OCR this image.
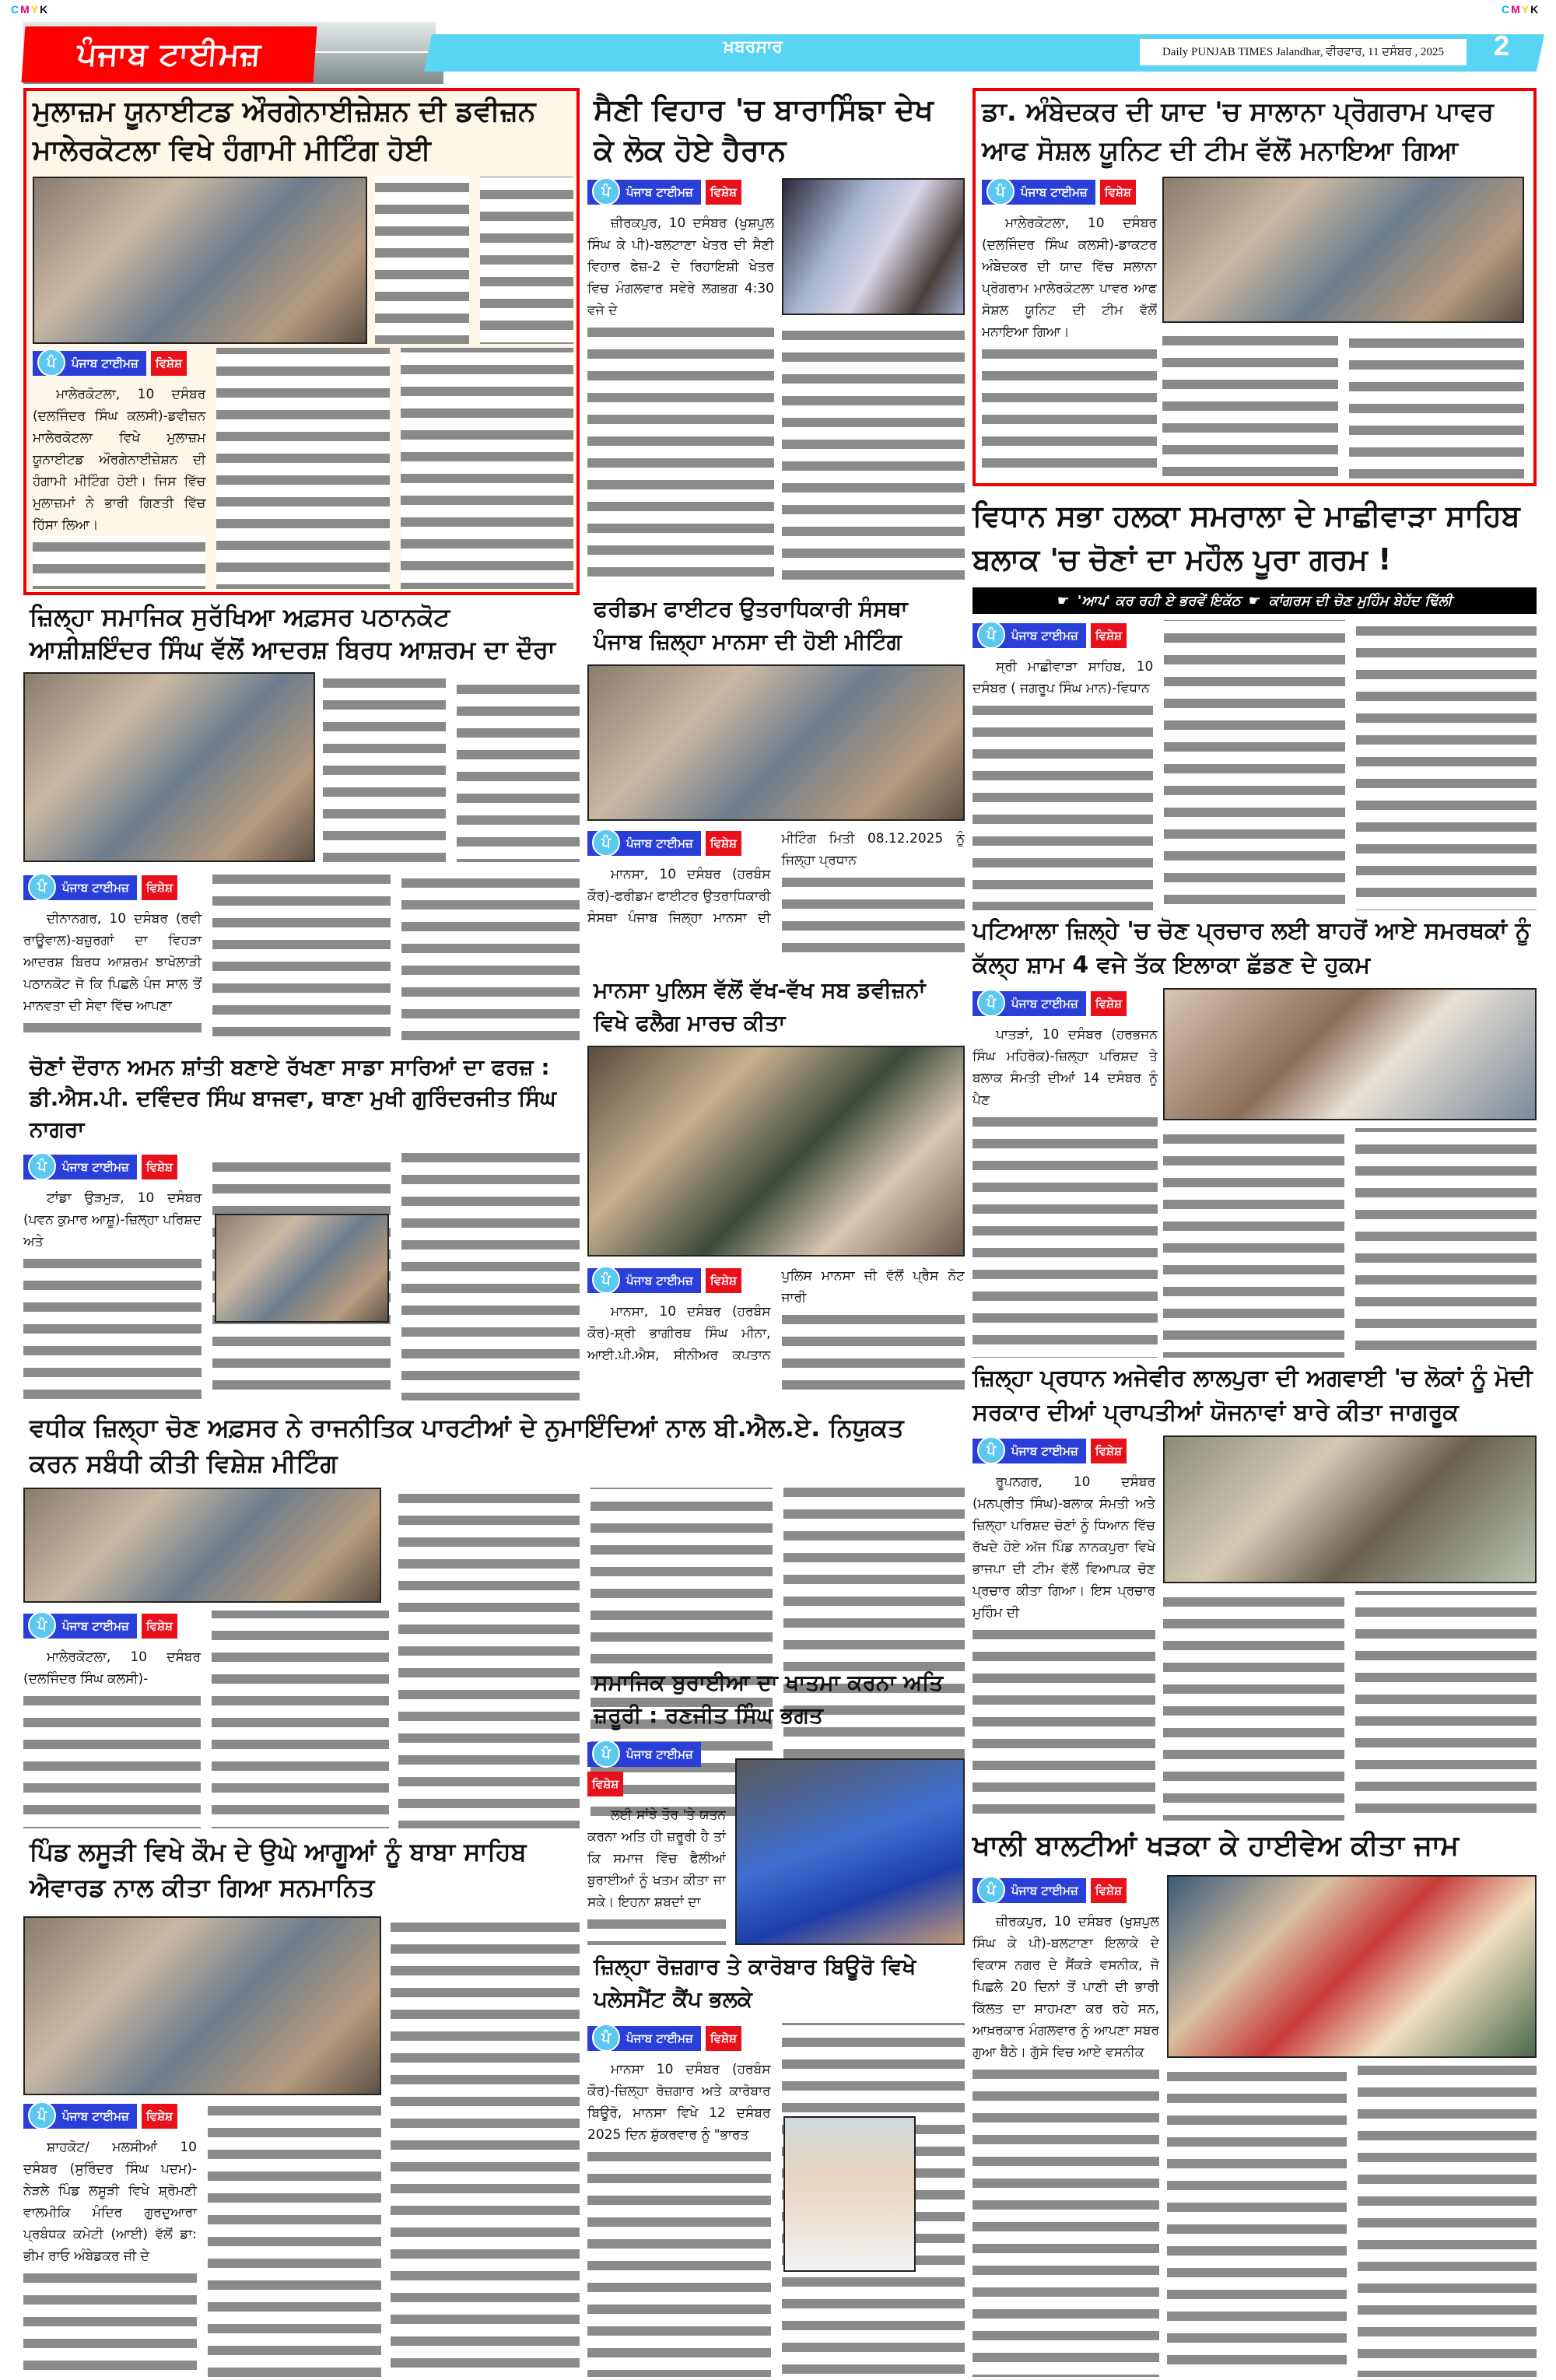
CMYK	CMYK
ਪੰਜਾਬ ਟਾਈਮਜ਼	ਖ਼ਬਰਸਾਰ	Daily PUNJAB TIMES Jalandhar, ਵੀਰਵਾਰ, 11 ਦਸੰਬਰ , 2025	2
ਮੁਲਾਜ਼ਮ ਯੂਨਾਈਟਡ ਔਰਗੇਨਾਈਜ਼ੇਸ਼ਨ ਦੀ ਡਵੀਜ਼ਨ ਮਾਲੇਰਕੋਟਲਾ ਵਿਖੇ ਹੰਗਾਮੀ ਮੀਟਿੰਗ ਹੋਈ
ਪੰ	ਪੰਜਾਬ ਟਾਈਮਜ਼	ਵਿਸ਼ੇਸ਼

ਮਾਲੇਰਕੋਟਲਾ, 10 ਦਸੰਬਰ (ਦਲਜਿੰਦਰ ਸਿੰਘ ਕਲਸੀ)-ਡਵੀਜ਼ਨ ਮਾਲੇਰਕੋਟਲਾ ਵਿਖੇ ਮੁਲਾਜ਼ਮ ਯੂਨਾਈਟਡ ਔਰਗੇਨਾਈਜ਼ੇਸ਼ਨ ਦੀ ਹੰਗਾਮੀ ਮੀਟਿੰਗ ਹੋਈ। ਜਿਸ ਵਿੱਚ ਮੁਲਾਜ਼ਮਾਂ ਨੇ ਭਾਰੀ ਗਿਣਤੀ ਵਿੱਚ ਹਿੱਸਾ ਲਿਆ।

ਜ਼ਿਲ੍ਹਾ ਸਮਾਜਿਕ ਸੁਰੱਖਿਆ ਅਫ਼ਸਰ ਪਠਾਨਕੋਟ ਆਸ਼ੀਸ਼ਇੰਦਰ ਸਿੰਘ ਵੱਲੋਂ ਆਦਰਸ਼ ਬਿਰਧ ਆਸ਼ਰਮ ਦਾ ਦੌਰਾ
ਪੰ	ਪੰਜਾਬ ਟਾਈਮਜ਼	ਵਿਸ਼ੇਸ਼

ਦੀਨਾਨਗਰ, 10 ਦਸੰਬਰ (ਰਵੀ ਰਾਊਵਾਲ)-ਬਜ਼ੁਰਗਾਂ ਦਾ ਵਿਹੜਾ ਆਦਰਸ਼ ਬਿਰਧ ਆਸ਼ਰਮ ਝਾਖੋਲਾੜੀ ਪਠਾਨਕੋਟ ਜੋ ਕਿ ਪਿਛਲੇ ਪੰਜ ਸਾਲ ਤੋਂ ਮਾਨਵਤਾ ਦੀ ਸੇਵਾ ਵਿੱਚ ਆਪਣਾ

ਚੋਣਾਂ ਦੌਰਾਨ ਅਮਨ ਸ਼ਾਂਤੀ ਬਣਾਏ ਰੱਖਣਾ ਸਾਡਾ ਸਾਰਿਆਂ ਦਾ ਫਰਜ਼ : ਡੀ.ਐਸ.ਪੀ. ਦਵਿੰਦਰ ਸਿੰਘ ਬਾਜਵਾ, ਥਾਣਾ ਮੁਖੀ ਗੁਰਿੰਦਰਜੀਤ ਸਿੰਘ ਨਾਗਰਾ
ਪੰ	ਪੰਜਾਬ ਟਾਈਮਜ਼	ਵਿਸ਼ੇਸ਼

ਟਾਂਡਾ ਉੜਮੁੜ, 10 ਦਸੰਬਰ (ਪਵਨ ਕੁਮਾਰ ਆਸ਼ੂ)-ਜ਼ਿਲ੍ਹਾ ਪਰਿਸ਼ਦ ਅਤੇ

ਵਧੀਕ ਜ਼ਿਲ੍ਹਾ ਚੋਣ ਅਫ਼ਸਰ ਨੇ ਰਾਜਨੀਤਿਕ ਪਾਰਟੀਆਂ ਦੇ ਨੁਮਾਇੰਦਿਆਂ ਨਾਲ ਬੀ.ਐਲ.ਏ. ਨਿਯੁਕਤ ਕਰਨ ਸਬੰਧੀ ਕੀਤੀ ਵਿਸ਼ੇਸ਼ ਮੀਟਿੰਗ
ਪੰ	ਪੰਜਾਬ ਟਾਈਮਜ਼	ਵਿਸ਼ੇਸ਼

ਮਾਲੇਰਕੋਟਲਾ, 10 ਦਸੰਬਰ (ਦਲਜਿੰਦਰ ਸਿੰਘ ਕਲਸੀ)-

ਪਿੰਡ ਲਸੂੜੀ ਵਿਖੇ ਕੌਮ ਦੇ ਉਘੇ ਆਗੂਆਂ ਨੂੰ ਬਾਬਾ ਸਾਹਿਬ ਐਵਾਰਡ ਨਾਲ ਕੀਤਾ ਗਿਆ ਸਨਮਾਨਿਤ
ਪੰ	ਪੰਜਾਬ ਟਾਈਮਜ਼	ਵਿਸ਼ੇਸ਼

ਸ਼ਾਹਕੋਟ/ ਮਲਸੀਆਂ 10 ਦਸੰਬਰ (ਸੁਰਿੰਦਰ ਸਿੰਘ ਪਦਮ)-ਨੇੜਲੇ ਪਿੰਡ ਲਸੂੜੀ ਵਿਖੇ ਸ਼੍ਰੋਮਣੀ ਵਾਲਮੀਕਿ ਮੰਦਿਰ ਗੁਰਦੁਆਰਾ ਪ੍ਰਬੰਧਕ ਕਮੇਟੀ (ਆਈ) ਵੱਲੋਂ ਡਾ: ਭੀਮ ਰਾਓ ਅੰਬੇਡਕਰ ਜੀ ਦੇ

ਸੈਣੀ ਵਿਹਾਰ 'ਚ ਬਾਰਾਸਿੰਙਾ ਦੇਖ ਕੇ ਲੋਕ ਹੋਏ ਹੈਰਾਨ
ਪੰ	ਪੰਜਾਬ ਟਾਈਮਜ਼	ਵਿਸ਼ੇਸ਼

ਜ਼ੀਰਕਪੁਰ, 10 ਦਸੰਬਰ (ਖੁਸ਼ਪੁਲ ਸਿੰਘ ਕੇ ਪੀ)-ਬਲਟਾਣਾ ਖੇਤਰ ਦੀ ਸੈਣੀ ਵਿਹਾਰ ਫੇਜ਼-2 ਦੇ ਰਿਹਾਇਸ਼ੀ ਖੇਤਰ ਵਿਚ ਮੰਗਲਵਾਰ ਸਵੇਰੇ ਲਗਭਗ 4:30 ਵਜੇ ਦੇ

ਫਰੀਡਮ ਫਾਈਟਰ ਉਤਰਾਧਿਕਾਰੀ ਸੰਸਥਾ ਪੰਜਾਬ ਜ਼ਿਲ੍ਹਾ ਮਾਨਸਾ ਦੀ ਹੋਈ ਮੀਟਿੰਗ
ਪੰ	ਪੰਜਾਬ ਟਾਈਮਜ਼	ਵਿਸ਼ੇਸ਼

ਮਾਨਸਾ, 10 ਦਸੰਬਰ (ਹਰਬੰਸ ਕੌਰ)-ਫਰੀਡਮ ਫਾਈਟਰ ਉਤਰਾਧਿਕਾਰੀ ਸੰਸਥਾ ਪੰਜਾਬ ਜਿਲ੍ਹਾ ਮਾਨਸਾ ਦੀ ਮੀਟਿੰਗ ਮਿਤੀ 08.12.2025 ਨੂੰ ਜਿਲ੍ਹਾ ਪ੍ਰਧਾਨ

ਮਾਨਸਾ ਪੁਲਿਸ ਵੱਲੋਂ ਵੱਖ-ਵੱਖ ਸਬ ਡਵੀਜ਼ਨਾਂ ਵਿਖੇ ਫਲੈਗ ਮਾਰਚ ਕੀਤਾ
ਪੰ	ਪੰਜਾਬ ਟਾਈਮਜ਼	ਵਿਸ਼ੇਸ਼

ਮਾਨਸਾ, 10 ਦਸੰਬਰ (ਹਰਬੰਸ ਕੌਰ)-ਸ਼੍ਰੀ ਭਾਗੀਰਥ ਸਿੰਘ ਮੀਨਾ, ਆਈ.ਪੀ.ਐਸ, ਸੀਨੀਅਰ ਕਪਤਾਨ ਪੁਲਿਸ ਮਾਨਸਾ ਜੀ ਵੱਲੋਂ ਪ੍ਰੈਸ ਨੋਟ ਜਾਰੀ

ਸਮਾਜਿਕ ਬੁਰਾਈਆ ਦਾ ਖਾਤਮਾ ਕਰਨਾ ਅਤਿ ਜ਼ਰੂਰੀ : ਰਣਜੀਤ ਸਿੰਘ ਭਗਤ
ਪੰ	ਪੰਜਾਬ ਟਾਈਮਜ਼
ਵਿਸ਼ੇਸ਼

ਲਈ ਸਾਂਝੇ ਤੌਰ 'ਤੇ ਯਤਨ ਕਰਨਾ ਅਤਿ ਹੀ ਜ਼ਰੂਰੀ ਹੈ ਤਾਂ ਕਿ ਸਮਾਜ ਵਿੱਚ ਫੈਲੀਆਂ ਬੁਰਾਈਆਂ ਨੂੰ ਖਤਮ ਕੀਤਾ ਜਾ ਸਕੇ। ਇਹਨਾ ਸ਼ਬਦਾਂ ਦਾ

ਜ਼ਿਲ੍ਹਾ ਰੋਜ਼ਗਾਰ ਤੇ ਕਾਰੋਬਾਰ ਬਿਊਰੋ ਵਿਖੇ ਪਲੇਸਮੈਂਟ ਕੈਂਪ ਭਲਕੇ
ਪੰ	ਪੰਜਾਬ ਟਾਈਮਜ਼	ਵਿਸ਼ੇਸ਼

ਮਾਨਸਾ 10 ਦਸੰਬਰ (ਹਰਬੰਸ ਕੌਰ)-ਜ਼ਿਲ੍ਹਾ ਰੋਜ਼ਗਾਰ ਅਤੇ ਕਾਰੋਬਾਰ ਬਿਊਰੋ, ਮਾਨਸਾ ਵਿਖੇ 12 ਦਸੰਬਰ 2025 ਦਿਨ ਸ਼ੁੱਕਰਵਾਰ ਨੂੰ "ਭਾਰਤ

ਡਾ. ਅੰਬੇਦਕਰ ਦੀ ਯਾਦ 'ਚ ਸਾਲਾਨਾ ਪ੍ਰੋਗਰਾਮ ਪਾਵਰ ਆਫ ਸੋਸ਼ਲ ਯੂਨਿਟ ਦੀ ਟੀਮ ਵੱਲੋਂ ਮਨਾਇਆ ਗਿਆ
ਪੰ	ਪੰਜਾਬ ਟਾਈਮਜ਼	ਵਿਸ਼ੇਸ਼

ਮਾਲੇਰਕੋਟਲਾ, 10 ਦਸੰਬਰ (ਦਲਜਿੰਦਰ ਸਿੰਘ ਕਲਸੀ)-ਡਾਕਟਰ ਅੰਬੇਦਕਰ ਦੀ ਯਾਦ ਵਿੱਚ ਸਲਾਨਾ ਪ੍ਰੋਗਰਾਮ ਮਾਲੇਰਕੋਟਲਾ ਪਾਵਰ ਆਫ ਸੋਸ਼ਲ ਯੂਨਿਟ ਦੀ ਟੀਮ ਵੱਲੋਂ ਮਨਾਇਆ ਗਿਆ।

ਵਿਧਾਨ ਸਭਾ ਹਲਕਾ ਸਮਰਾਲਾ ਦੇ ਮਾਛੀਵਾੜਾ ਸਾਹਿਬ ਬਲਾਕ 'ਚ ਚੋਣਾਂ ਦਾ ਮਹੌਲ ਪੂਰਾ ਗਰਮ !
☛ 'ਆਪ' ਕਰ ਰਹੀ ਏ ਭਰਵੇਂ ਇਕੱਠ ☛ ਕਾਂਗਰਸ ਦੀ ਚੋਣ ਮੁਹਿੰਮ ਬੇਹੱਦ ਢਿੱਲੀ
ਪੰ	ਪੰਜਾਬ ਟਾਈਮਜ਼	ਵਿਸ਼ੇਸ਼

ਸ੍ਰੀ ਮਾਛੀਵਾੜਾ ਸਾਹਿਬ, 10 ਦਸੰਬਰ ( ਜਗਰੂਪ ਸਿੰਘ ਮਾਨ)-ਵਿਧਾਨ

ਪਟਿਆਲਾ ਜ਼ਿਲ੍ਹੇ 'ਚ ਚੋਣ ਪ੍ਰਚਾਰ ਲਈ ਬਾਹਰੋਂ ਆਏ ਸਮਰਥਕਾਂ ਨੂੰ ਕੱਲ੍ਹ ਸ਼ਾਮ 4 ਵਜੇ ਤੱਕ ਇਲਾਕਾ ਛੱਡਣ ਦੇ ਹੁਕਮ
ਪੰ	ਪੰਜਾਬ ਟਾਈਮਜ਼	ਵਿਸ਼ੇਸ਼

ਪਾਤੜਾਂ, 10 ਦਸੰਬਰ (ਹਰਭਜਨ ਸਿੰਘ ਮਹਿਰੋਕ)-ਜ਼ਿਲ੍ਹਾ ਪਰਿਸ਼ਦ ਤੇ ਬਲਾਕ ਸੰਮਤੀ ਦੀਆਂ 14 ਦਸੰਬਰ ਨੂੰ ਪੈਣ

ਜ਼ਿਲ੍ਹਾ ਪ੍ਰਧਾਨ ਅਜੇਵੀਰ ਲਾਲਪੁਰਾ ਦੀ ਅਗਵਾਈ 'ਚ ਲੋਕਾਂ ਨੂੰ ਮੋਦੀ ਸਰਕਾਰ ਦੀਆਂ ਪ੍ਰਾਪਤੀਆਂ ਯੋਜਨਾਵਾਂ ਬਾਰੇ ਕੀਤਾ ਜਾਗਰੂਕ
ਪੰ	ਪੰਜਾਬ ਟਾਈਮਜ਼	ਵਿਸ਼ੇਸ਼

ਰੂਪਨਗਰ, 10 ਦਸੰਬਰ (ਮਨਪ੍ਰੀਤ ਸਿੰਘ)-ਬਲਾਕ ਸੰਮਤੀ ਅਤੇ ਜ਼ਿਲ੍ਹਾ ਪਰਿਸ਼ਦ ਚੋਣਾਂ ਨੂੰ ਧਿਆਨ ਵਿੱਚ ਰੱਖਦੇ ਹੋਏ ਅੱਜ ਪਿੰਡ ਨਾਨਕਪੁਰਾ ਵਿਖੇ ਭਾਜਪਾ ਦੀ ਟੀਮ ਵੱਲੋਂ ਵਿਆਪਕ ਚੋਣ ਪ੍ਰਚਾਰ ਕੀਤਾ ਗਿਆ। ਇਸ ਪ੍ਰਚਾਰ ਮੁਹਿੰਮ ਦੀ

ਖਾਲੀ ਬਾਲਟੀਆਂ ਖੜਕਾ ਕੇ ਹਾਈਵੇਅ ਕੀਤਾ ਜਾਮ
ਪੰ	ਪੰਜਾਬ ਟਾਈਮਜ਼	ਵਿਸ਼ੇਸ਼

ਜ਼ੀਰਕਪੁਰ, 10 ਦਸੰਬਰ (ਖੁਸ਼ਪੁਲ ਸਿੰਘ ਕੇ ਪੀ)-ਬਲਟਾਣਾ ਇਲਾਕੇ ਦੇ ਵਿਕਾਸ ਨਗਰ ਦੇ ਸੈਂਕੜੇ ਵਸਨੀਕ, ਜੋ ਪਿਛਲੇ 20 ਦਿਨਾਂ ਤੋਂ ਪਾਣੀ ਦੀ ਭਾਰੀ ਕਿੱਲਤ ਦਾ ਸਾਹਮਣਾ ਕਰ ਰਹੇ ਸਨ, ਆਖ਼ਰਕਾਰ ਮੰਗਲਵਾਰ ਨੂੰ ਆਪਣਾ ਸਬਰ ਗੁਆ ਬੈਠੇ। ਗੁੱਸੇ ਵਿਚ ਆਏ ਵਸਨੀਕ
